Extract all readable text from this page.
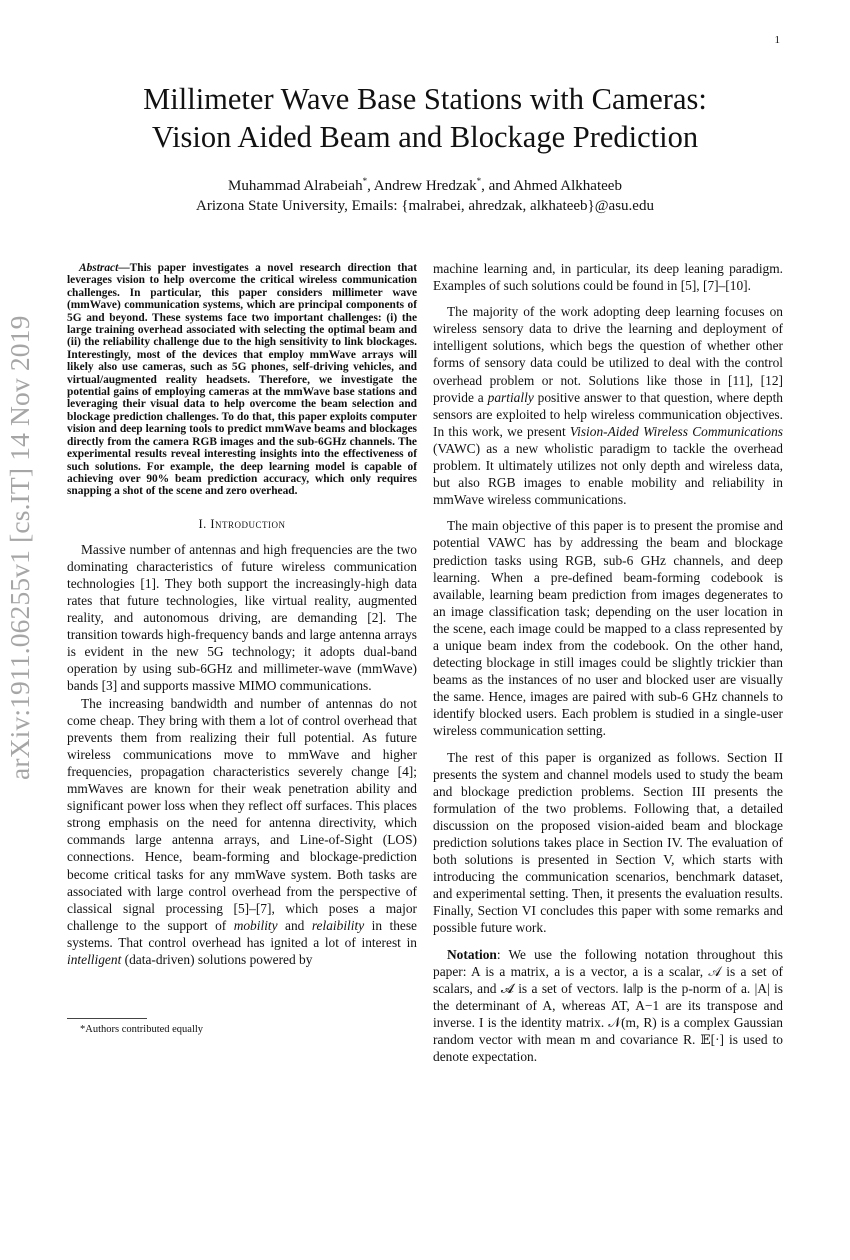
1
arXiv:1911.06255v1 [cs.IT] 14 Nov 2019
Millimeter Wave Base Stations with Cameras:
Vision Aided Beam and Blockage Prediction
Muhammad Alrabeiah*, Andrew Hredzak*, and Ahmed Alkhateeb
Arizona State University, Emails: {malrabei, ahredzak, alkhateeb}@asu.edu

Abstract—This paper investigates a novel research direction that leverages vision to help overcome the critical wireless communication challenges. In particular, this paper considers millimeter wave (mmWave) communication systems, which are principal components of 5G and beyond. These systems face two important challenges: (i) the large training overhead associated with selecting the optimal beam and (ii) the reliability challenge due to the high sensitivity to link blockages. Interestingly, most of the devices that employ mmWave arrays will likely also use cameras, such as 5G phones, self-driving vehicles, and virtual/augmented reality headsets. Therefore, we investigate the potential gains of employing cameras at the mmWave base stations and leveraging their visual data to help overcome the beam selection and blockage prediction challenges. To do that, this paper exploits computer vision and deep learning tools to predict mmWave beams and blockages directly from the camera RGB images and the sub-6GHz channels. The experimental results reveal interesting insights into the effectiveness of such solutions. For example, the deep learning model is capable of achieving over 90% beam prediction accuracy, which only requires snapping a shot of the scene and zero overhead.

I. Introduction

Massive number of antennas and high frequencies are the two dominating characteristics of future wireless communication technologies [1]. They both support the increasingly-high data rates that future technologies, like virtual reality, augmented reality, and autonomous driving, are demanding [2]. The transition towards high-frequency bands and large antenna arrays is evident in the new 5G technology; it adopts dual-band operation by using sub-6GHz and millimeter-wave (mmWave) bands [3] and supports massive MIMO communications.

The increasing bandwidth and number of antennas do not come cheap. They bring with them a lot of control overhead that prevents them from realizing their full potential. As future wireless communications move to mmWave and higher frequencies, propagation characteristics severely change [4]; mmWaves are known for their weak penetration ability and significant power loss when they reflect off surfaces. This places strong emphasis on the need for antenna directivity, which commands large antenna arrays, and Line-of-Sight (LOS) connections. Hence, beam-forming and blockage-prediction become critical tasks for any mmWave system. Both tasks are associated with large control overhead from the perspective of classical signal processing [5]–[7], which poses a major challenge to the support of mobility and relaibility in these systems. That control overhead has ignited a lot of interest in intelligent (data-driven) solutions powered by

machine learning and, in particular, its deep leaning paradigm. Examples of such solutions could be found in [5], [7]–[10].

The majority of the work adopting deep learning focuses on wireless sensory data to drive the learning and deployment of intelligent solutions, which begs the question of whether other forms of sensory data could be utilized to deal with the control overhead problem or not. Solutions like those in [11], [12] provide a partially positive answer to that question, where depth sensors are exploited to help wireless communication objectives. In this work, we present Vision-Aided Wireless Communications (VAWC) as a new wholistic paradigm to tackle the overhead problem. It ultimately utilizes not only depth and wireless data, but also RGB images to enable mobility and reliability in mmWave wireless communications.

The main objective of this paper is to present the promise and potential VAWC has by addressing the beam and blockage prediction tasks using RGB, sub-6 GHz channels, and deep learning. When a pre-defined beam-forming codebook is available, learning beam prediction from images degenerates to an image classification task; depending on the user location in the scene, each image could be mapped to a class represented by a unique beam index from the codebook. On the other hand, detecting blockage in still images could be slightly trickier than beams as the instances of no user and blocked user are visually the same. Hence, images are paired with sub-6 GHz channels to identify blocked users. Each problem is studied in a single-user wireless communication setting.

The rest of this paper is organized as follows. Section II presents the system and channel models used to study the beam and blockage prediction problems. Section III presents the formulation of the two problems. Following that, a detailed discussion on the proposed vision-aided beam and blockage prediction solutions takes place in Section IV. The evaluation of both solutions is presented in Section V, which starts with introducing the communication scenarios, benchmark dataset, and experimental setting. Then, it presents the evaluation results. Finally, Section VI concludes this paper with some remarks and possible future work.

Notation: We use the following notation throughout this paper: A is a matrix, a is a vector, a is a scalar, 𝒜 is a set of scalars, and 𝓐 is a set of vectors. ‖a‖p is the p-norm of a. |A| is the determinant of A, whereas AT, A−1 are its transpose and inverse. I is the identity matrix. 𝒩(m, R) is a complex Gaussian random vector with mean m and covariance R. 𝔼[·] is used to denote expectation.

*Authors contributed equally
